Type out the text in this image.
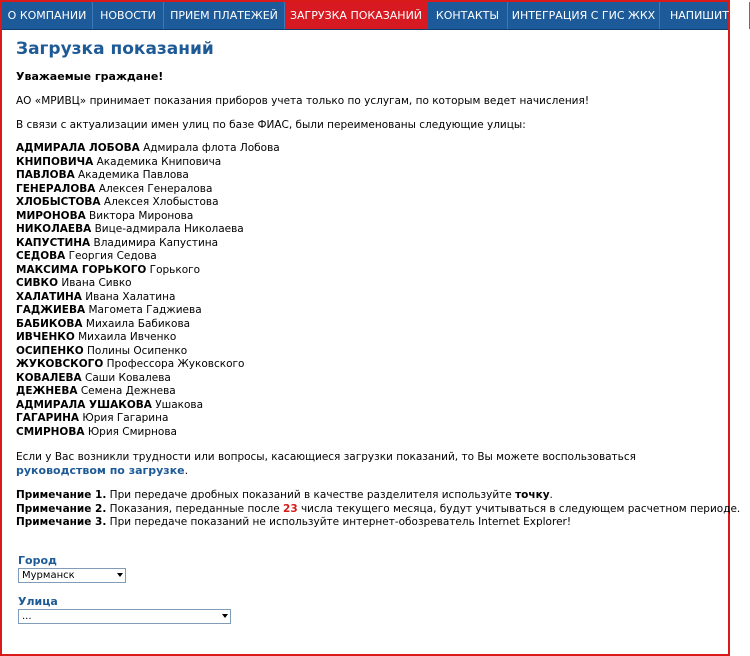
О КОМПАНИИ	НОВОСТИ	ПРИЕМ ПЛАТЕЖЕЙ	ЗАГРУЗКА ПОКАЗАНИЙ	КОНТАКТЫ	ИНТЕГРАЦИЯ С ГИС ЖКХ	НАПИШИТЕ
Загрузка показаний
Уважаемые граждане!
АО «МРИВЦ» принимает показания приборов учета только по услугам, по которым ведет начисления!
В связи с актуализации имен улиц по базе ФИАС, были переименованы следующие улицы:
АДМИРАЛА ЛОБОВА Адмирала флота Лобова
КНИПОВИЧА Академика Книповича
ПАВЛОВА Академика Павлова
ГЕНЕРАЛОВА Алексея Генералова
ХЛОБЫСТОВА Алексея Хлобыстова
МИРОНОВА Виктора Миронова
НИКОЛАЕВА Вице-адмирала Николаева
КАПУСТИНА Владимира Капустина
СЕДОВА Георгия Седова
МАКСИМА ГОРЬКОГО Горького
СИВКО Ивана Сивко
ХАЛАТИНА Ивана Халатина
ГАДЖИЕВА Магомета Гаджиева
БАБИКОВА Михаила Бабикова
ИВЧЕНКО Михаила Ивченко
ОСИПЕНКО Полины Осипенко
ЖУКОВСКОГО Профессора Жуковского
КОВАЛЕВА Саши Ковалева
ДЕЖНЕВА Семена Дежнева
АДМИРАЛА УШАКОВА Ушакова
ГАГАРИНА Юрия Гагарина
СМИРНОВА Юрия Смирнова
Если у Вас возникли трудности или вопросы, касающиеся загрузки показаний, то Вы можете воспользоваться
руководством по загрузке.
Примечание 1. При передаче дробных показаний в качестве разделителя используйте точку.
Примечание 2. Показания, переданные после 23 числа текущего месяца, будут учитываться в следующем расчетном периоде.
Примечание 3. При передаче показаний не используйте интернет-обозреватель Internet Explorer!
Город
Мурманск
Улица
...
